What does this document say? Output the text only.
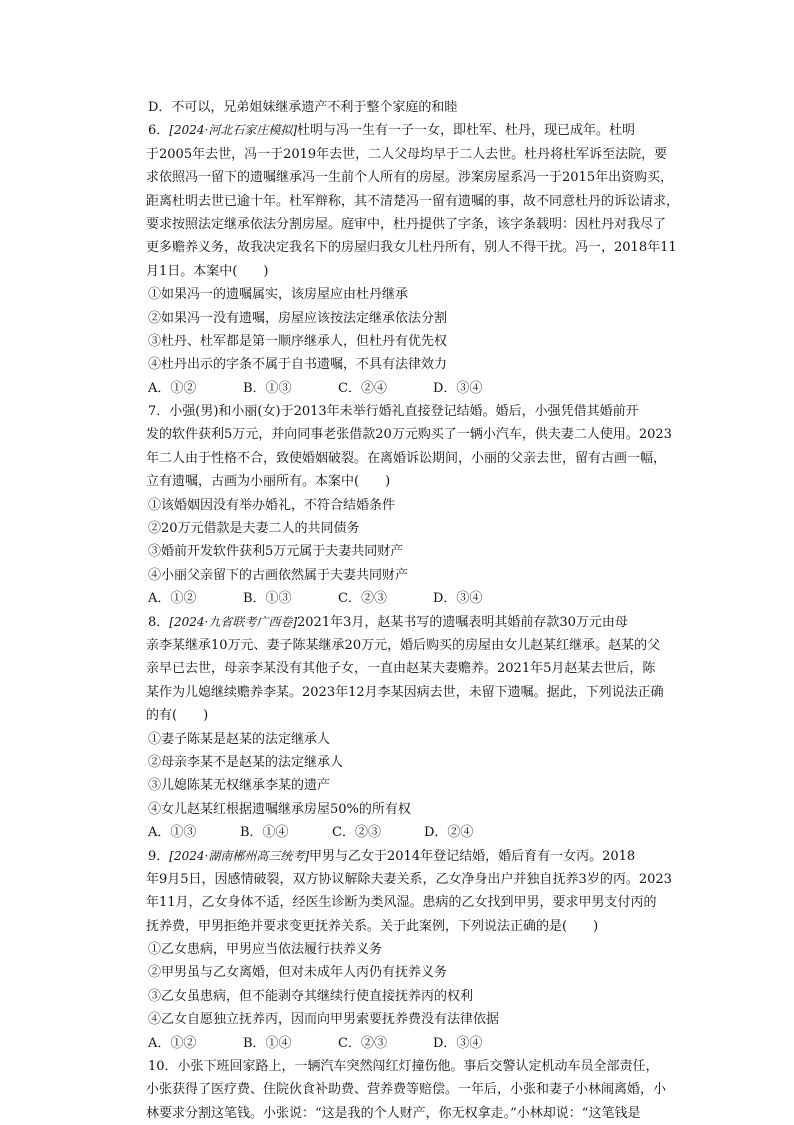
D．不可以，兄弟姐妹继承遗产不利于整个家庭的和睦
6．[2024·河北石家庄模拟]杜明与冯一生有一子一女，即杜军、杜丹，现已成年。杜明
于2005年去世，冯一于2019年去世，二人父母均早于二人去世。杜丹将杜军诉至法院，要
求依照冯一留下的遗嘱继承冯一生前个人所有的房屋。涉案房屋系冯一于2015年出资购买，
距离杜明去世已逾十年。杜军辩称，其不清楚冯一留有遗嘱的事，故不同意杜丹的诉讼请求，
要求按照法定继承依法分割房屋。庭审中，杜丹提供了字条，该字条载明：因杜丹对我尽了
更多赡养义务，故我决定我名下的房屋归我女儿杜丹所有，别人不得干扰。冯一，2018年11
月1日。本案中(　　)
①如果冯一的遗嘱属实，该房屋应由杜丹继承
②如果冯一没有遗嘱，房屋应该按法定继承依法分割
③杜丹、杜军都是第一顺序继承人，但杜丹有优先权
④杜丹出示的字条不属于自书遗嘱，不具有法律效力
A．①②	B．①③	C．②④	D．③④
7．小强(男)和小丽(女)于2013年未举行婚礼直接登记结婚。婚后，小强凭借其婚前开
发的软件获利5万元，并向同事老张借款20万元购买了一辆小汽车，供夫妻二人使用。2023
年二人由于性格不合，致使婚姻破裂。在离婚诉讼期间，小丽的父亲去世，留有古画一幅，
立有遗嘱，古画为小丽所有。本案中(　　)
①该婚姻因没有举办婚礼，不符合结婚条件
②20万元借款是夫妻二人的共同债务
③婚前开发软件获利5万元属于夫妻共同财产
④小丽父亲留下的古画依然属于夫妻共同财产
A．①②	B．①③	C．②③	D．③④
8．[2024·九省联考广西卷]2021年3月，赵某书写的遗嘱表明其婚前存款30万元由母
亲李某继承10万元、妻子陈某继承20万元，婚后购买的房屋由女儿赵某红继承。赵某的父
亲早已去世，母亲李某没有其他子女，一直由赵某夫妻赡养。2021年5月赵某去世后，陈
某作为儿媳继续赡养李某。2023年12月李某因病去世，未留下遗嘱。据此，下列说法正确
的有(　　)
①妻子陈某是赵某的法定继承人
②母亲李某不是赵某的法定继承人
③儿媳陈某无权继承李某的遗产
④女儿赵某红根据遗嘱继承房屋50%的所有权
A．①③	B．①④	C．②③	D．②④
9．[2024·湖南郴州高三统考]甲男与乙女于2014年登记结婚，婚后育有一女丙。2018
年9月5日，因感情破裂，双方协议解除夫妻关系，乙女净身出户并独自抚养3岁的丙。2023
年11月，乙女身体不适，经医生诊断为类风湿。患病的乙女找到甲男，要求甲男支付丙的
抚养费，甲男拒绝并要求变更抚养关系。关于此案例，下列说法正确的是(　　)
①乙女患病，甲男应当依法履行扶养义务
②甲男虽与乙女离婚，但对未成年人丙仍有抚养义务
③乙女虽患病，但不能剥夺其继续行使直接抚养丙的权利
④乙女自愿独立抚养丙，因而向甲男索要抚养费没有法律依据
A．①②	B．①④	C．②③	D．③④
10．小张下班回家路上，一辆汽车突然闯红灯撞伤他。事后交警认定机动车员全部责任，
小张获得了医疗费、住院伙食补助费、营养费等赔偿。一年后，小张和妻子小林闹离婚，小
林要求分割这笔钱。小张说：“这是我的个人财产，你无权拿走。”小林却说：“这笔钱是
